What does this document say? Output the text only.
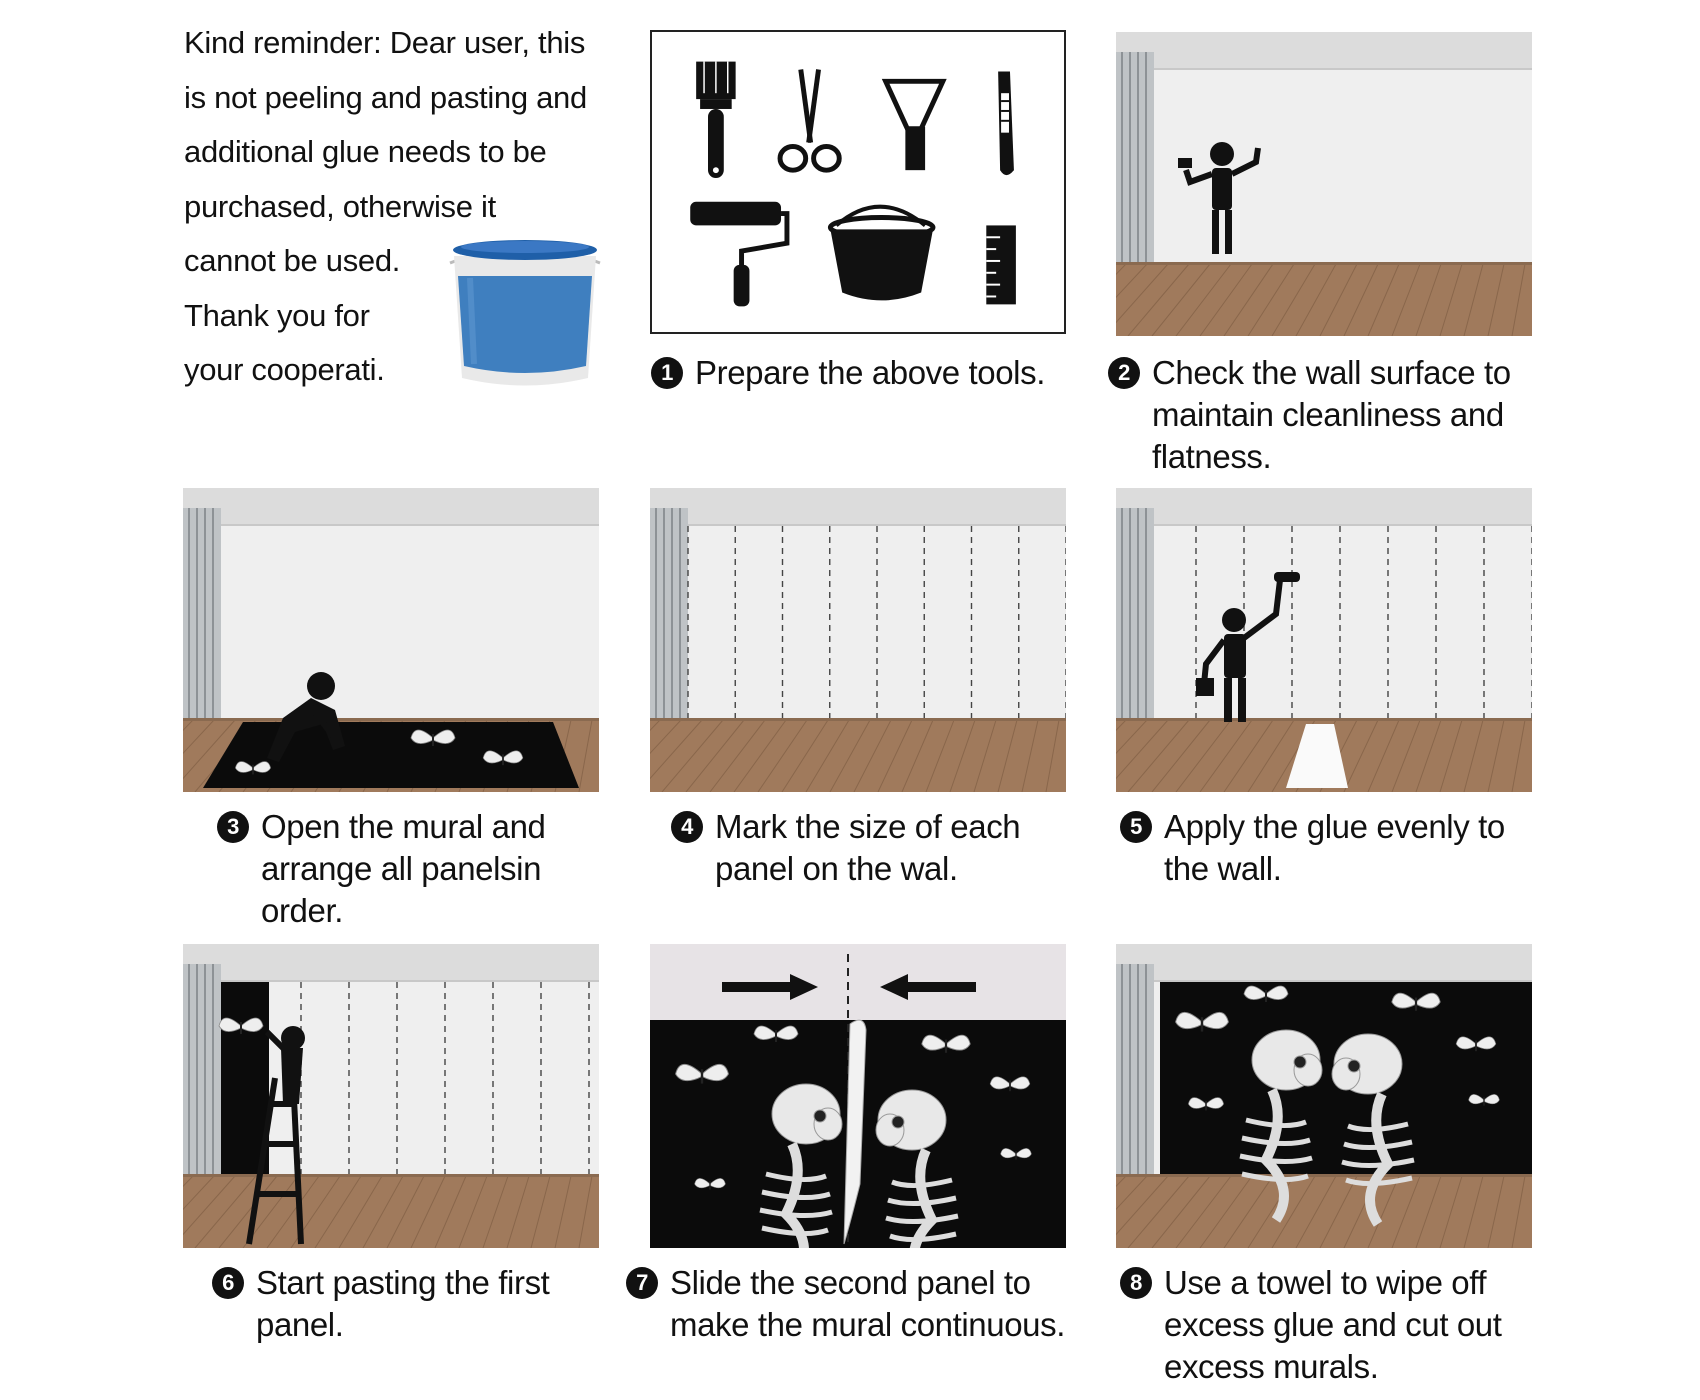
Kind reminder: Dear user, this
is not peeling and pasting and
additional glue needs to be
purchased, otherwise it
cannot be used.
Thank you for
your cooperati.	1 Prepare the above tools.	2 Check the wall surface to
maintain cleanliness and
flatness.
3 Open the mural and
arrange all panelsin
order.
4 Mark the size of each
panel on the wal.
5 Apply the glue evenly to
the wall.
6 Start pasting the first
panel.
7 Slide the second panel to
make the mural continuous.
8 Use a towel to wipe off
excess glue and cut out
excess murals.
